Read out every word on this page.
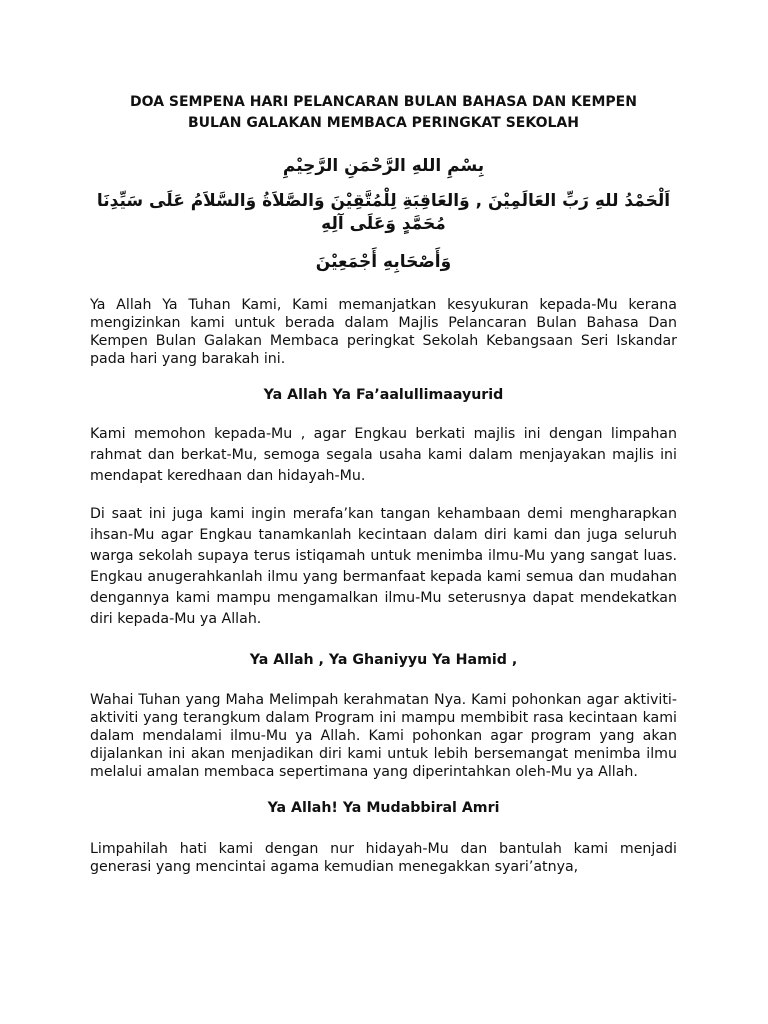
DOA SEMPENA HARI PELANCARAN BULAN BAHASA DAN KEMPEN
BULAN GALAKAN MEMBACA PERINGKAT SEKOLAH

بِسْمِ اللهِ الرَّحْمَنِ الرَّحِيْمِ

اَلْحَمْدُ للهِ رَبِّ العَالَمِيْنَ , وَالعَاقِبَةِ لِلْمُتَّقِيْنَ وَالصَّلاَةُ وَالسَّلاَمُ عَلَى سَيِّدِنَا مُحَمَّدٍ وَعَلَى آلِهِ

وَأَصْحَابِهِ أَجْمَعِيْنَ

Ya Allah Ya Tuhan Kami, Kami memanjatkan kesyukuran kepada-Mu kerana mengizinkan kami untuk berada dalam Majlis Pelancaran Bulan Bahasa Dan Kempen Bulan Galakan Membaca peringkat Sekolah Kebangsaan Seri Iskandar pada hari yang barakah ini.

Ya Allah Ya Fa’aalullimaayurid

Kami memohon kepada-Mu , agar Engkau berkati majlis ini dengan limpahan rahmat dan berkat-Mu, semoga segala usaha kami dalam menjayakan majlis ini mendapat keredhaan dan hidayah-Mu.

Di saat ini juga kami ingin merafa’kan tangan kehambaan demi mengharapkan ihsan-Mu agar Engkau tanamkanlah kecintaan dalam diri kami dan juga seluruh warga sekolah supaya terus istiqamah untuk menimba ilmu-Mu yang sangat luas. Engkau anugerahkanlah ilmu yang bermanfaat kepada kami semua dan mudahan dengannya kami mampu mengamalkan ilmu-Mu seterusnya dapat mendekatkan diri kepada-Mu ya Allah.

Ya Allah , Ya Ghaniyyu Ya Hamid ,

Wahai Tuhan yang Maha Melimpah kerahmatan Nya. Kami pohonkan agar aktiviti-aktiviti yang terangkum dalam Program ini mampu membibit rasa kecintaan kami dalam mendalami ilmu-Mu ya Allah. Kami pohonkan agar program yang akan dijalankan ini akan menjadikan diri kami untuk lebih bersemangat menimba ilmu melalui amalan membaca sepertimana yang diperintahkan oleh-Mu ya Allah.

Ya Allah! Ya Mudabbiral Amri

Limpahilah hati kami dengan nur hidayah-Mu dan bantulah kami menjadi generasi yang mencintai agama kemudian menegakkan syari’atnya,
